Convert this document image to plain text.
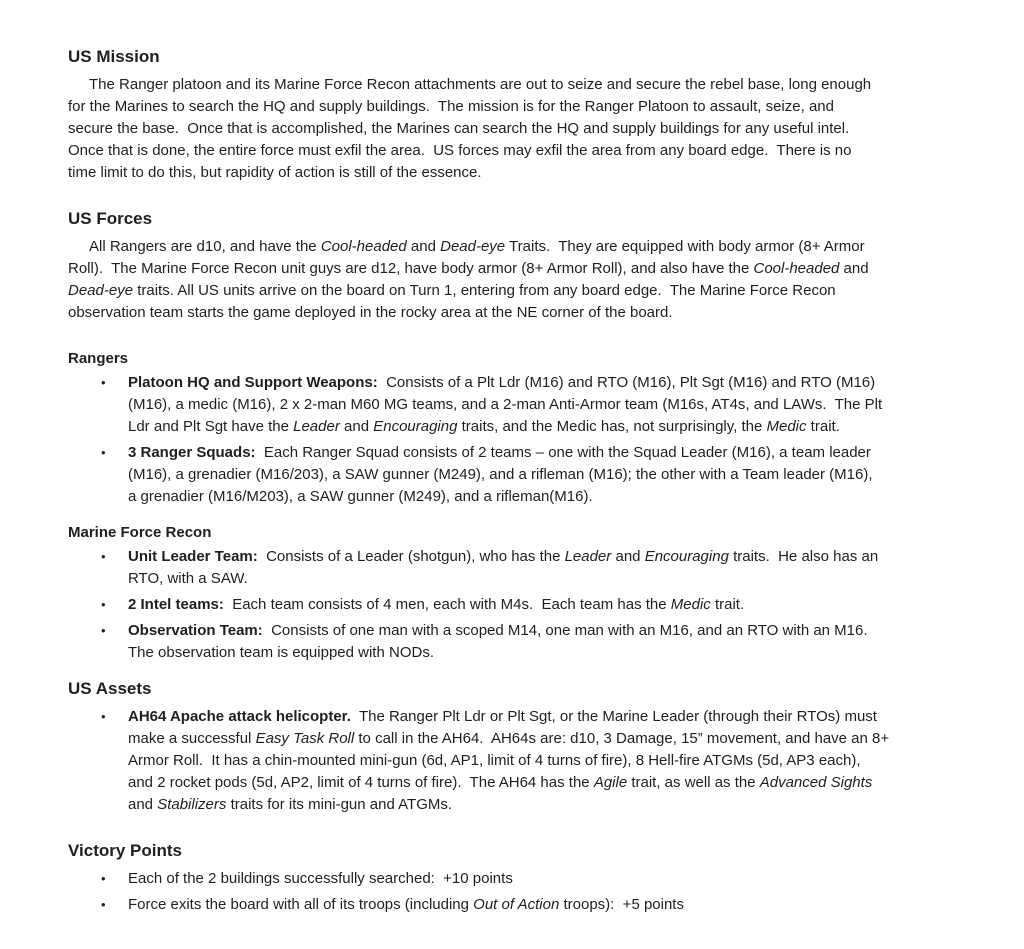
US Mission
The Ranger platoon and its Marine Force Recon attachments are out to seize and secure the rebel base, long enough
for the Marines to search the HQ and supply buildings.  The mission is for the Ranger Platoon to assault, seize, and
secure the base.  Once that is accomplished, the Marines can search the HQ and supply buildings for any useful intel.
Once that is done, the entire force must exfil the area.  US forces may exfil the area from any board edge.  There is no
time limit to do this, but rapidity of action is still of the essence.
US Forces
All Rangers are d10, and have the Cool-headed and Dead-eye Traits.  They are equipped with body armor (8+ Armor
Roll).  The Marine Force Recon unit guys are d12, have body armor (8+ Armor Roll), and also have the Cool-headed and
Dead-eye traits. All US units arrive on the board on Turn 1, entering from any board edge.  The Marine Force Recon
observation team starts the game deployed in the rocky area at the NE corner of the board.
Rangers
• Platoon HQ and Support Weapons:  Consists of a Plt Ldr (M16) and RTO (M16), Plt Sgt (M16) and RTO (M16)
(M16), a medic (M16), 2 x 2-man M60 MG teams, and a 2-man Anti-Armor team (M16s, AT4s, and LAWs.  The Plt
Ldr and Plt Sgt have the Leader and Encouraging traits, and the Medic has, not surprisingly, the Medic trait.
• 3 Ranger Squads:  Each Ranger Squad consists of 2 teams – one with the Squad Leader (M16), a team leader
(M16), a grenadier (M16/203), a SAW gunner (M249), and a rifleman (M16); the other with a Team leader (M16),
a grenadier (M16/M203), a SAW gunner (M249), and a rifleman(M16).
Marine Force Recon
• Unit Leader Team:  Consists of a Leader (shotgun), who has the Leader and Encouraging traits.  He also has an
RTO, with a SAW.
• 2 Intel teams:  Each team consists of 4 men, each with M4s.  Each team has the Medic trait.
• Observation Team:  Consists of one man with a scoped M14, one man with an M16, and an RTO with an M16.
The observation team is equipped with NODs.
US Assets
• AH64 Apache attack helicopter.  The Ranger Plt Ldr or Plt Sgt, or the Marine Leader (through their RTOs) must
make a successful Easy Task Roll to call in the AH64.  AH64s are: d10, 3 Damage, 15” movement, and have an 8+
Armor Roll.  It has a chin-mounted mini-gun (6d, AP1, limit of 4 turns of fire), 8 Hell-fire ATGMs (5d, AP3 each),
and 2 rocket pods (5d, AP2, limit of 4 turns of fire).  The AH64 has the Agile trait, as well as the Advanced Sights
and Stabilizers traits for its mini-gun and ATGMs.
Victory Points
• Each of the 2 buildings successfully searched:  +10 points
• Force exits the board with all of its troops (including Out of Action troops):  +5 points
